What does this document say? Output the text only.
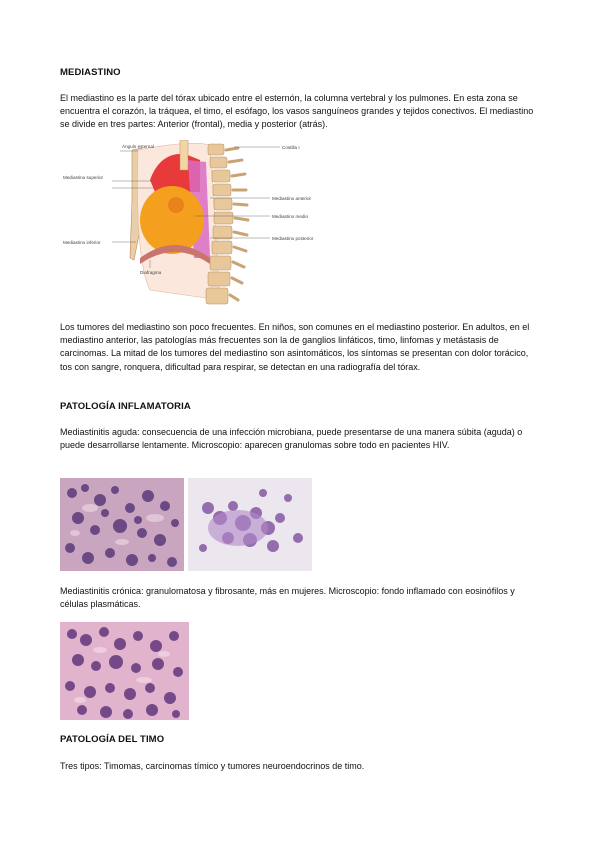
MEDIASTINO
El mediastino es la parte del tórax ubicado entre el esternón, la columna vertebral y los pulmones. En esta zona se encuentra el corazón, la tráquea, el timo, el esófago, los vasos sanguíneos grandes y tejidos conectivos. El mediastino se divide en tres partes: Anterior (frontal), media y posterior (atrás).
Ángulo esternal	Costilla I
Mediastino superior
Mediastino anterior
Mediastino medio
Mediastino posterior
Mediastino inferior
Diafragma
Los tumores del mediastino son poco frecuentes. En niños, son comunes en el mediastino posterior. En adultos, en el mediastino anterior, las patologías más frecuentes son la de ganglios linfáticos, timo, linfomas y metástasis de carcinomas. La mitad de los tumores del mediastino son asintomáticos, los síntomas se presentan con dolor torácico, tos con sangre, ronquera, dificultad para respirar, se detectan en una radiografía del tórax.
PATOLOGÍA INFLAMATORIA
Mediastinitis aguda: consecuencia de una infección microbiana, puede presentarse de una manera súbita (aguda) o puede desarrollarse lentamente. Microscopio: aparecen granulomas sobre todo en pacientes HIV.
Mediastinitis crónica: granulomatosa y fibrosante, más en mujeres. Microscopio: fondo inflamado con eosinófilos y células plasmáticas.
PATOLOGÍA DEL TIMO
Tres tipos: Timomas, carcinomas tímico y tumores neuroendocrinos de timo.
